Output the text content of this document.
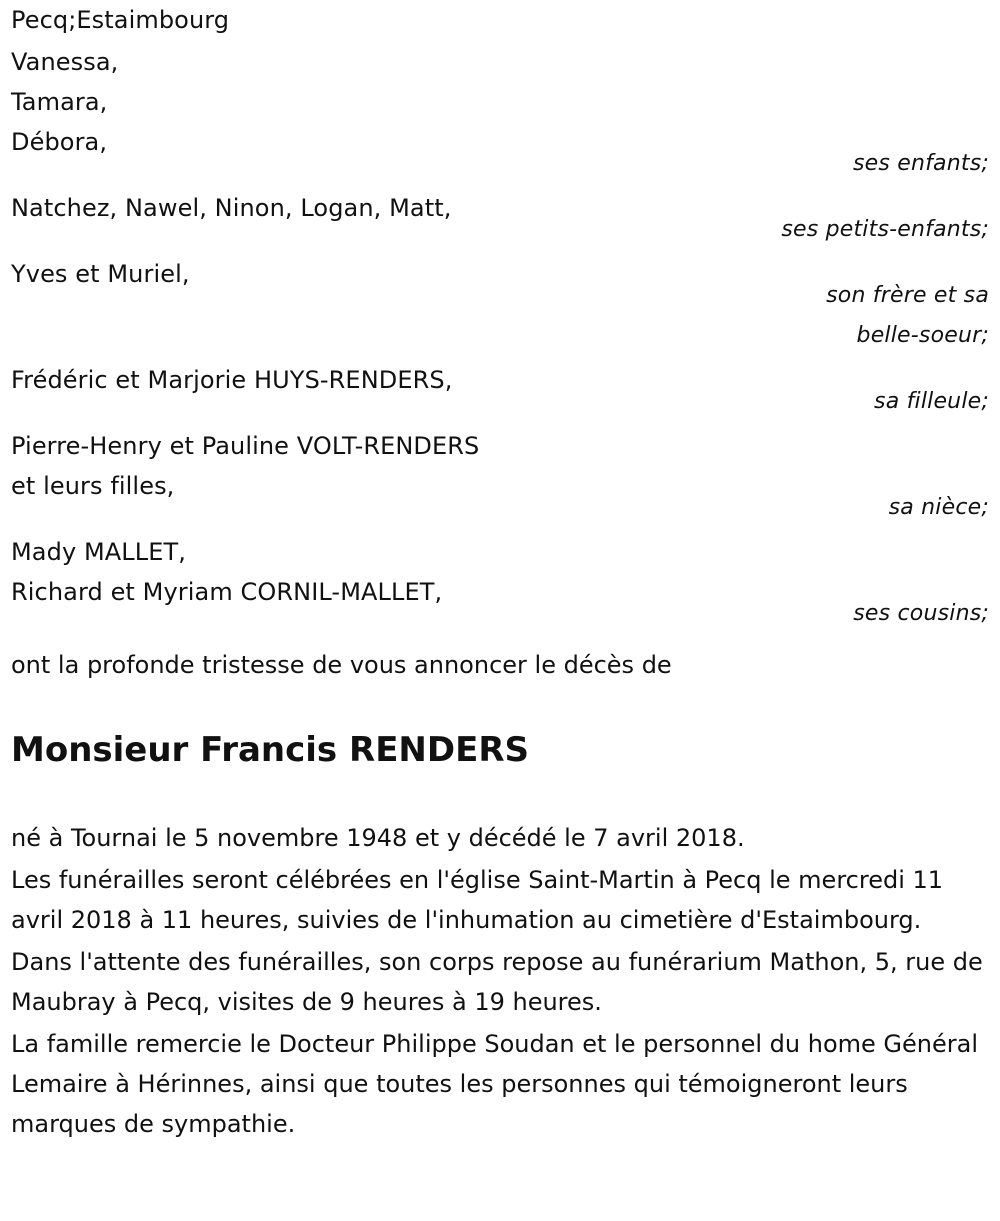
Pecq;Estaimbourg
Vanessa,
Tamara,
Débora,
ses enfants;
Natchez, Nawel, Ninon, Logan, Matt,
ses petits-enfants;
Yves et Muriel,
son frère et sa
belle-soeur;
Frédéric et Marjorie HUYS-RENDERS,
sa filleule;
Pierre-Henry et Pauline VOLT-RENDERS
et leurs filles,
sa nièce;
Mady MALLET,
Richard et Myriam CORNIL-MALLET,
ses cousins;
ont la profonde tristesse de vous annoncer le décès de
Monsieur Francis RENDERS

né à Tournai le 5 novembre 1948 et y décédé le 7 avril 2018.

Les funérailles seront célébrées en l'église Saint-Martin à Pecq le mercredi 11 avril 2018 à 11 heures, suivies de l'inhumation au cimetière d'Estaimbourg.

Dans l'attente des funérailles, son corps repose au funérarium Mathon, 5, rue de Maubray à Pecq, visites de 9 heures à 19 heures.

La famille remercie le Docteur Philippe Soudan et le personnel du home Général Lemaire à Hérinnes, ainsi que toutes les personnes qui témoigneront leurs marques de sympathie.
